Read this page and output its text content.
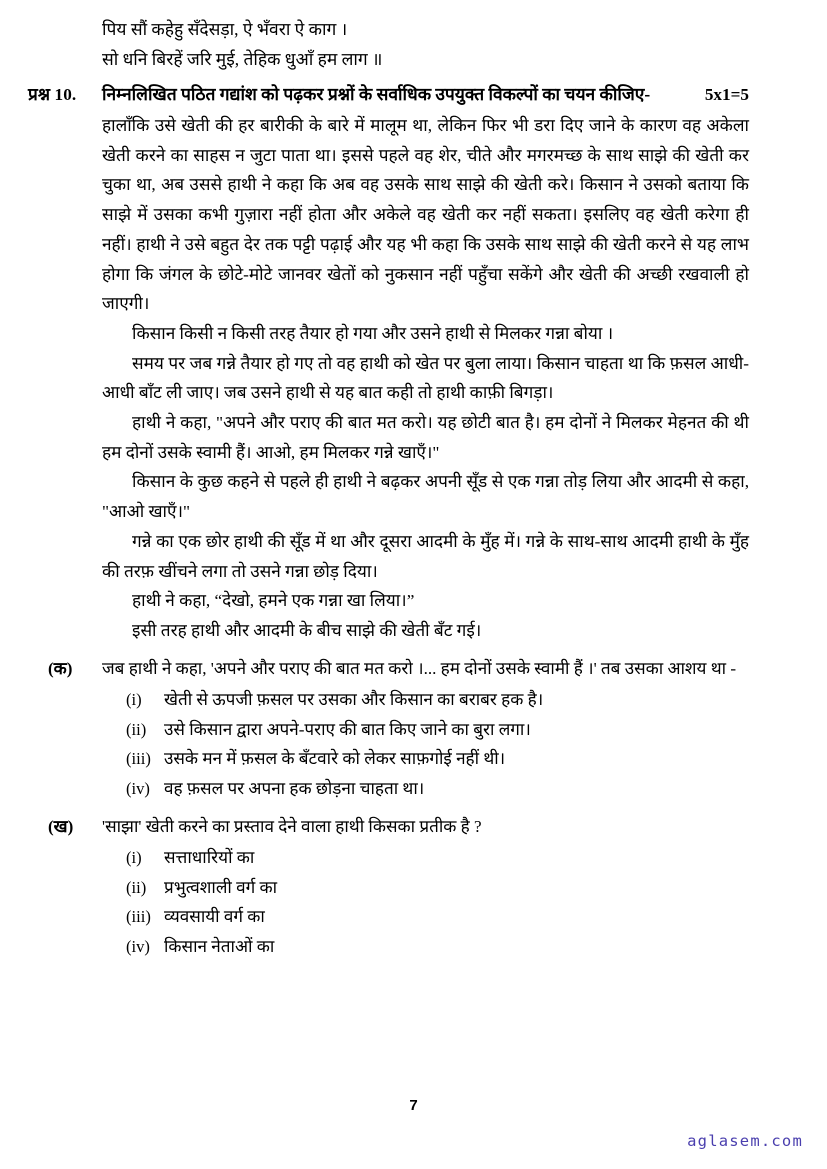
पिय सौं कहेहु सँदेसड़ा, ऐ भँवरा ऐ काग ।
सो धनि बिरहें जरि मुई, तेहिक धुआँ हम लाग ॥
प्रश्न 10.	निम्नलिखित पठित गद्यांश को पढ़कर प्रश्नों के सर्वाधिक उपयुक्त विकल्पों का चयन कीजिए-	5x1=5

हालाँकि उसे खेती की हर बारीकी के बारे में मालूम था, लेकिन फिर भी डरा दिए जाने के कारण वह अकेला खेती करने का साहस न जुटा पाता था। इससे पहले वह शेर, चीते और मगरमच्छ के साथ साझे की खेती कर चुका था, अब उससे हाथी ने कहा कि अब वह उसके साथ साझे की खेती करे। किसान ने उसको बताया कि साझे में उसका कभी गुज़ारा नहीं होता और अकेले वह खेती कर नहीं सकता। इसलिए वह खेती करेगा ही नहीं। हाथी ने उसे बहुत देर तक पट्टी पढ़ाई और यह भी कहा कि उसके साथ साझे की खेती करने से यह लाभ होगा कि जंगल के छोटे-मोटे जानवर खेतों को नुकसान नहीं पहुँचा सकेंगे और खेती की अच्छी रखवाली हो जाएगी।

किसान किसी न किसी तरह तैयार हो गया और उसने हाथी से मिलकर गन्ना बोया ।

समय पर जब गन्ने तैयार हो गए तो वह हाथी को खेत पर बुला लाया। किसान चाहता था कि फ़सल आधी-आधी बाँट ली जाए। जब उसने हाथी से यह बात कही तो हाथी काफ़ी बिगड़ा।

हाथी ने कहा, "अपने और पराए की बात मत करो। यह छोटी बात है। हम दोनों ने मिलकर मेहनत की थी हम दोनों उसके स्वामी हैं। आओ, हम मिलकर गन्ने खाएँ।"

किसान के कुछ कहने से पहले ही हाथी ने बढ़कर अपनी सूँड से एक गन्ना तोड़ लिया और आदमी से कहा, "आओ खाएँ।"

गन्ने का एक छोर हाथी की सूँड में था और दूसरा आदमी के मुँह में। गन्ने के साथ-साथ आदमी हाथी के मुँह की तरफ़ खींचने लगा तो उसने गन्ना छोड़ दिया।

हाथी ने कहा, “देखो, हमने एक गन्ना खा लिया।”

इसी तरह हाथी और आदमी के बीच साझे की खेती बँट गई।

(क)	जब हाथी ने कहा, 'अपने और पराए की बात मत करो ।... हम दोनों उसके स्वामी हैं ।' तब उसका आशय था -
(i)	खेती से ऊपजी फ़सल पर उसका और किसान का बराबर हक है।
(ii)	उसे किसान द्वारा अपने-पराए की बात किए जाने का बुरा लगा।
(iii) उसके मन में फ़सल के बँटवारे को लेकर साफ़गोई नहीं थी।
(iv) वह फ़सल पर अपना हक छोड़ना चाहता था।
(ख)	'साझा' खेती करने का प्रस्ताव देने वाला हाथी किसका प्रतीक है ?
(i)	सत्ताधारियों का
(ii)	प्रभुत्वशाली वर्ग का
(iii) व्यवसायी वर्ग का
(iv) किसान नेताओं का
7
aglasem.com
